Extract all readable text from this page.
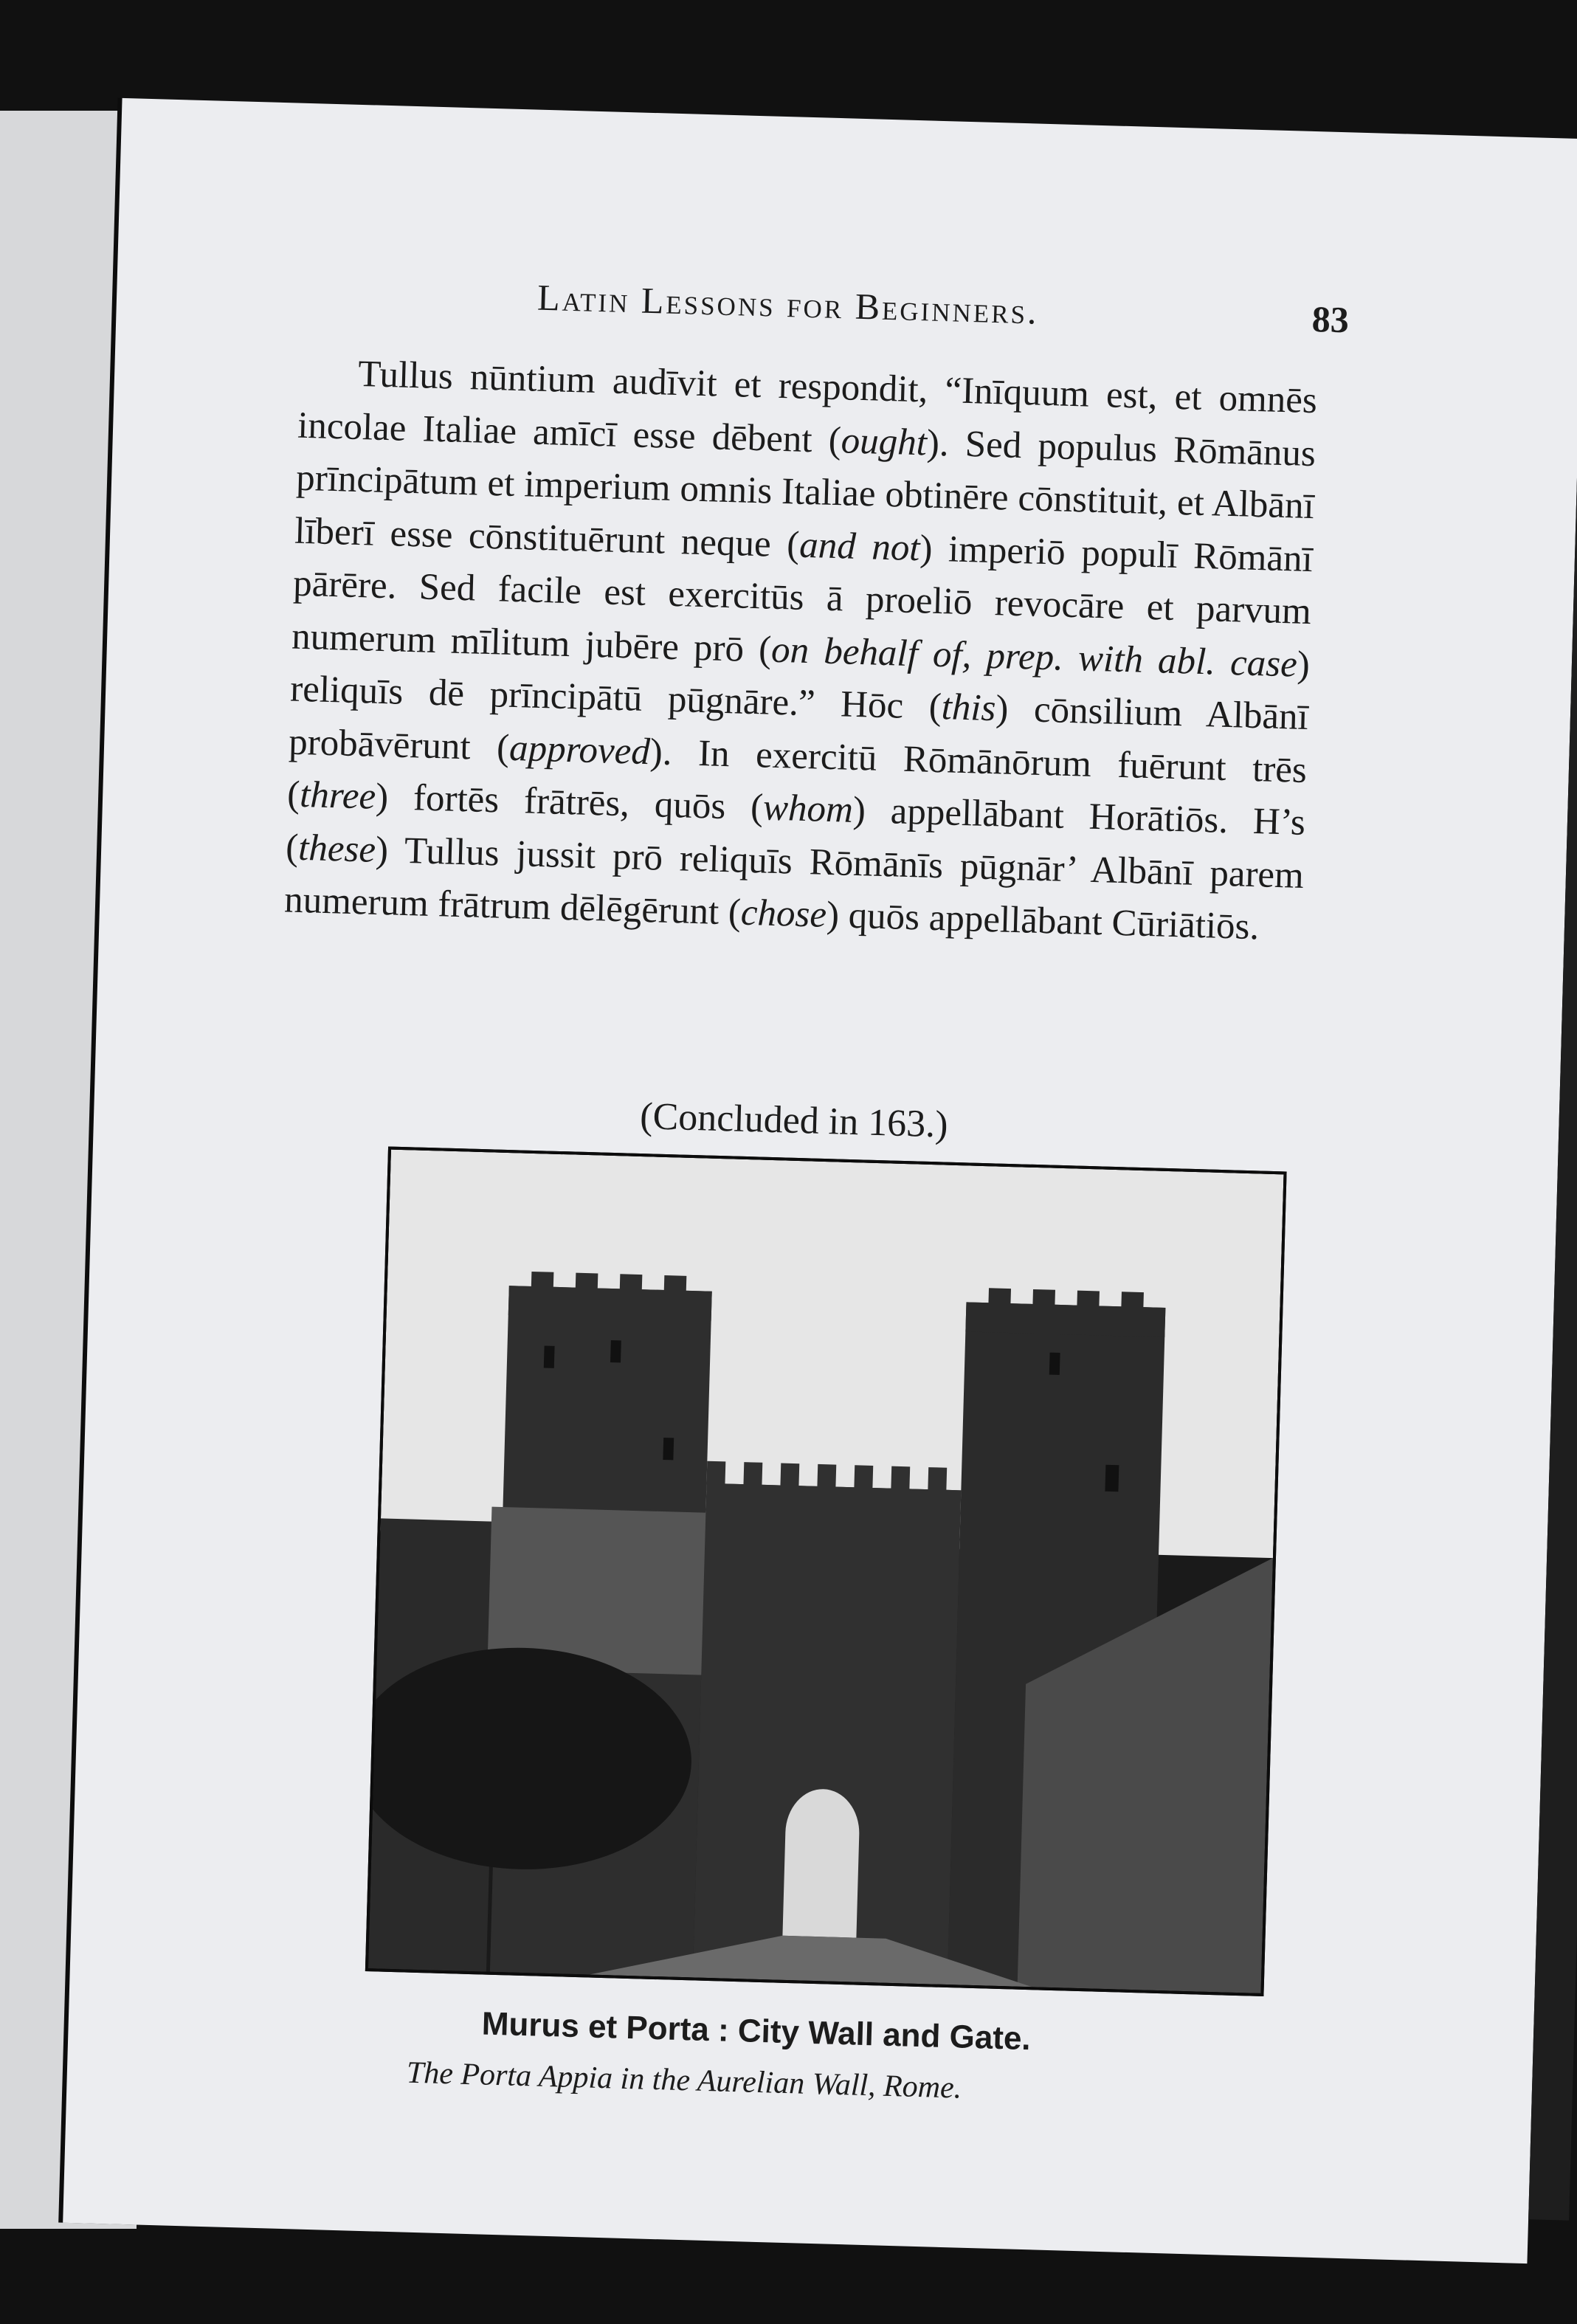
Latin Lessons for Beginners.	83

Tullus nūntium audīvit et respondit, “Inīquum est, et omnēs incolae Italiae amīcī esse dēbent (ought). Sed populus Rōmānus prīncipātum et imperium omnis Italiae obtinēre cōnstituit, et Albānī līberī esse cōnstituērunt neque (and not) imperiō populī Rōmānī pārēre. Sed facile est exercitūs ā proeliō revocāre et parvum numerum mīlitum jubēre prō (on behalf of, prep. with abl. case) reliquīs dē prīncipātū pūgnāre.” Hōc (this) cōnsilium Albānī probāvērunt (approved). In exercitū Rōmānōrum fuērunt trēs (three) fortēs frātrēs, quōs (whom) appellābant Horātiōs. H’s (these) Tullus jussit prō reliquīs Rōmānīs pūgnār’ Albānī parem numerum frātrum dēlēgērunt (chose) quōs appellābant Cūriātiōs.

(Concluded in 163.)
Murus et Porta : City Wall and Gate.
The Porta Appia in the Aurelian Wall, Rome.
